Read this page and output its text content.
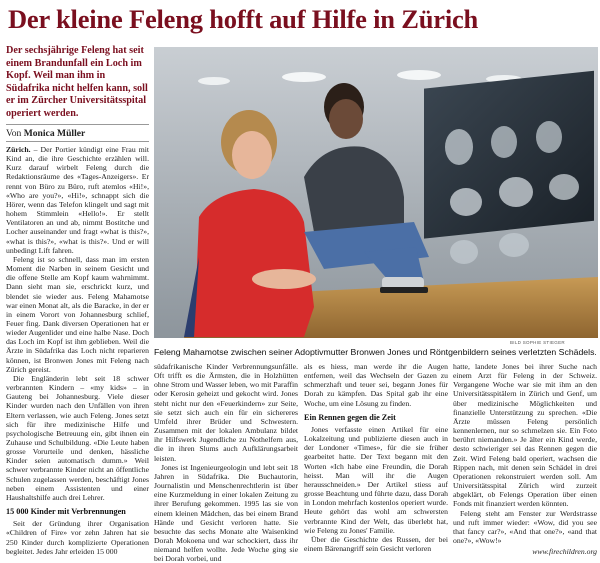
Der kleine Feleng hofft auf Hilfe in Zürich
Der sechsjährige Feleng hat seit einem Brandunfall ein Loch im Kopf. Weil man ihm in Südafrika nicht helfen kann, soll er im Zürcher Universitätsspital operiert werden.
Von Monica Müller
BILD SOPHIE STIEGER
Feleng Mahamotse zwischen seiner Adoptivmutter Bronwen Jones und Röntgenbildern seines verletzten Schädels.

Zürich. – Der Portier kündigt eine Frau mit Kind an, die ihre Geschichte erzählen will. Kurz darauf wirbelt Feleng durch die Redaktionsräume des «Tages-Anzeigers». Er rennt von Büro zu Büro, ruft atemlos «Hi!», «Who are you?», «Hi!», schnappt sich die Hörer, wenn das Telefon klingelt und sagt mit hohem Stimmlein «Hello!». Er stellt Ventilatoren an und ab, nimmt Bostitche und Locher auseinander und fragt «what is this?», «what is this?», «what is this?». Und er will unbedingt Lift fahren.

Feleng ist so schnell, dass man im ersten Moment die Narben in seinem Gesicht und die offene Stelle am Kopf kaum wahrnimmt. Dann sieht man sie, erschrickt kurz, und blendet sie wieder aus. Feleng Mahamotse war einen Monat alt, als die Baracke, in der er in einem Vorort von Johannesburg schlief, Feuer fing. Dank diversen Operationen hat er wieder Augenlider und eine halbe Nase. Doch das Loch im Kopf ist ihm geblieben. Weil die Ärzte in Südafrika das Loch nicht reparieren können, ist Bronwen Jones mit Feleng nach Zürich gereist.

Die Engländerin lebt seit 18 schwer verbrannten Kindern – «my kids» – in Gauteng bei Johannesburg. Viele dieser Kinder wurden nach den Unfällen von ihren Eltern verlassen, wie auch Feleng. Jones setzt sich für ihre medizinische Hilfe und psychologische Betreuung ein, gibt ihnen ein Zuhause und Schulbildung. «Die Leute haben grosse Vorurteile und denken, hässliche Kinder seien automatisch dumm.» Weil schwer verbrannte Kinder nicht an öffentliche Schulen zugelassen werden, beschäftigt Jones neben einem Assistenten und einer Haushaltshilfe auch drei Lehrer.

15 000 Kinder mit Verbrennungen

Seit der Gründung ihrer Organisation «Children of Fire» vor zehn Jahren hat sie 250 Kinder durch komplizierte Operationen begleitet. Jedes Jahr erleiden 15 000

südafrikanische Kinder Verbrennungsunfälle. Oft trifft es die Ärmsten, die in Holzhütten ohne Strom und Wasser leben, wo mit Paraffin oder Kerosin geheizt und gekocht wird. Jones steht nicht nur den «Feuerkindern» zur Seite, sie setzt sich auch ein für ein sichereres Umfeld ihrer Brüder und Schwestern. Zusammen mit der lokalen Ambulanz bildet ihr Hilfswerk Jugendliche zu Nothelfern aus, die in ihren Slums auch Aufklärungsarbeit leisten.

Jones ist Ingenieurgeologin und lebt seit 18 Jahren in Südafrika. Die Buchautorin, Journalistin und Menschenrechtlerin ist über eine Kurzmeldung in einer lokalen Zeitung zu ihrer Berufung gekommen. 1995 las sie von einem kleinen Mädchen, das bei einem Brand Hände und Gesicht verloren hatte. Sie besuchte das sechs Monate alte Waisenkind Dorah Mokoena und war schockiert, dass ihr niemand helfen wollte. Jede Woche ging sie bei Dorah vorbei, und

als es hiess, man werde ihr die Augen entfernen, weil das Wechseln der Gazen zu schmerzhaft und teuer sei, begann Jones für Dorah zu kämpfen. Das Spital gab ihr eine Woche, um eine Lösung zu finden.

Ein Rennen gegen die Zeit

Jones verfasste einen Artikel für eine Lokalzeitung und publizierte diesen auch in der Londoner «Times», für die sie früher gearbeitet hatte. Der Text begann mit den Worten «Ich habe eine Freundin, die Dorah heisst. Man will ihr die Augen herausschneiden.» Der Artikel stiess auf grosse Beachtung und führte dazu, dass Dorah in London mehrfach kostenlos operiert wurde. Heute gehört das wohl am schwersten verbrannte Kind der Welt, das überlebt hat, wie Feleng zu Jones' Familie.

Über die Geschichte des Russen, der bei einem Bärenangriff sein Gesicht verloren

hatte, landete Jones bei ihrer Suche nach einem Arzt für Feleng in der Schweiz. Vergangene Woche war sie mit ihm an den Universitätsspitälern in Zürich und Genf, um über medizinische Möglichkeiten und finanzielle Unterstützung zu sprechen. «Die Ärzte müssen Feleng persönlich kennenlernen, nur so schmelzen sie. Ein Foto berührt niemanden.» Je älter ein Kind werde, desto schwieriger sei das Rennen gegen die Zeit. Wird Feleng bald operiert, wachsen die Rippen nach, mit denen sein Schädel in drei Operationen rekonstruiert werden soll. Am Universitätsspital Zürich wird zurzeit abgeklärt, ob Felengs Operation über einen Fonds mit finanziert werden könnten.

Feleng steht am Fenster zur Werdstrasse und ruft immer wieder: «Wow, did you see that fancy car?», «And that one?», «and that one?», «Wow!»

www.firechildren.org
